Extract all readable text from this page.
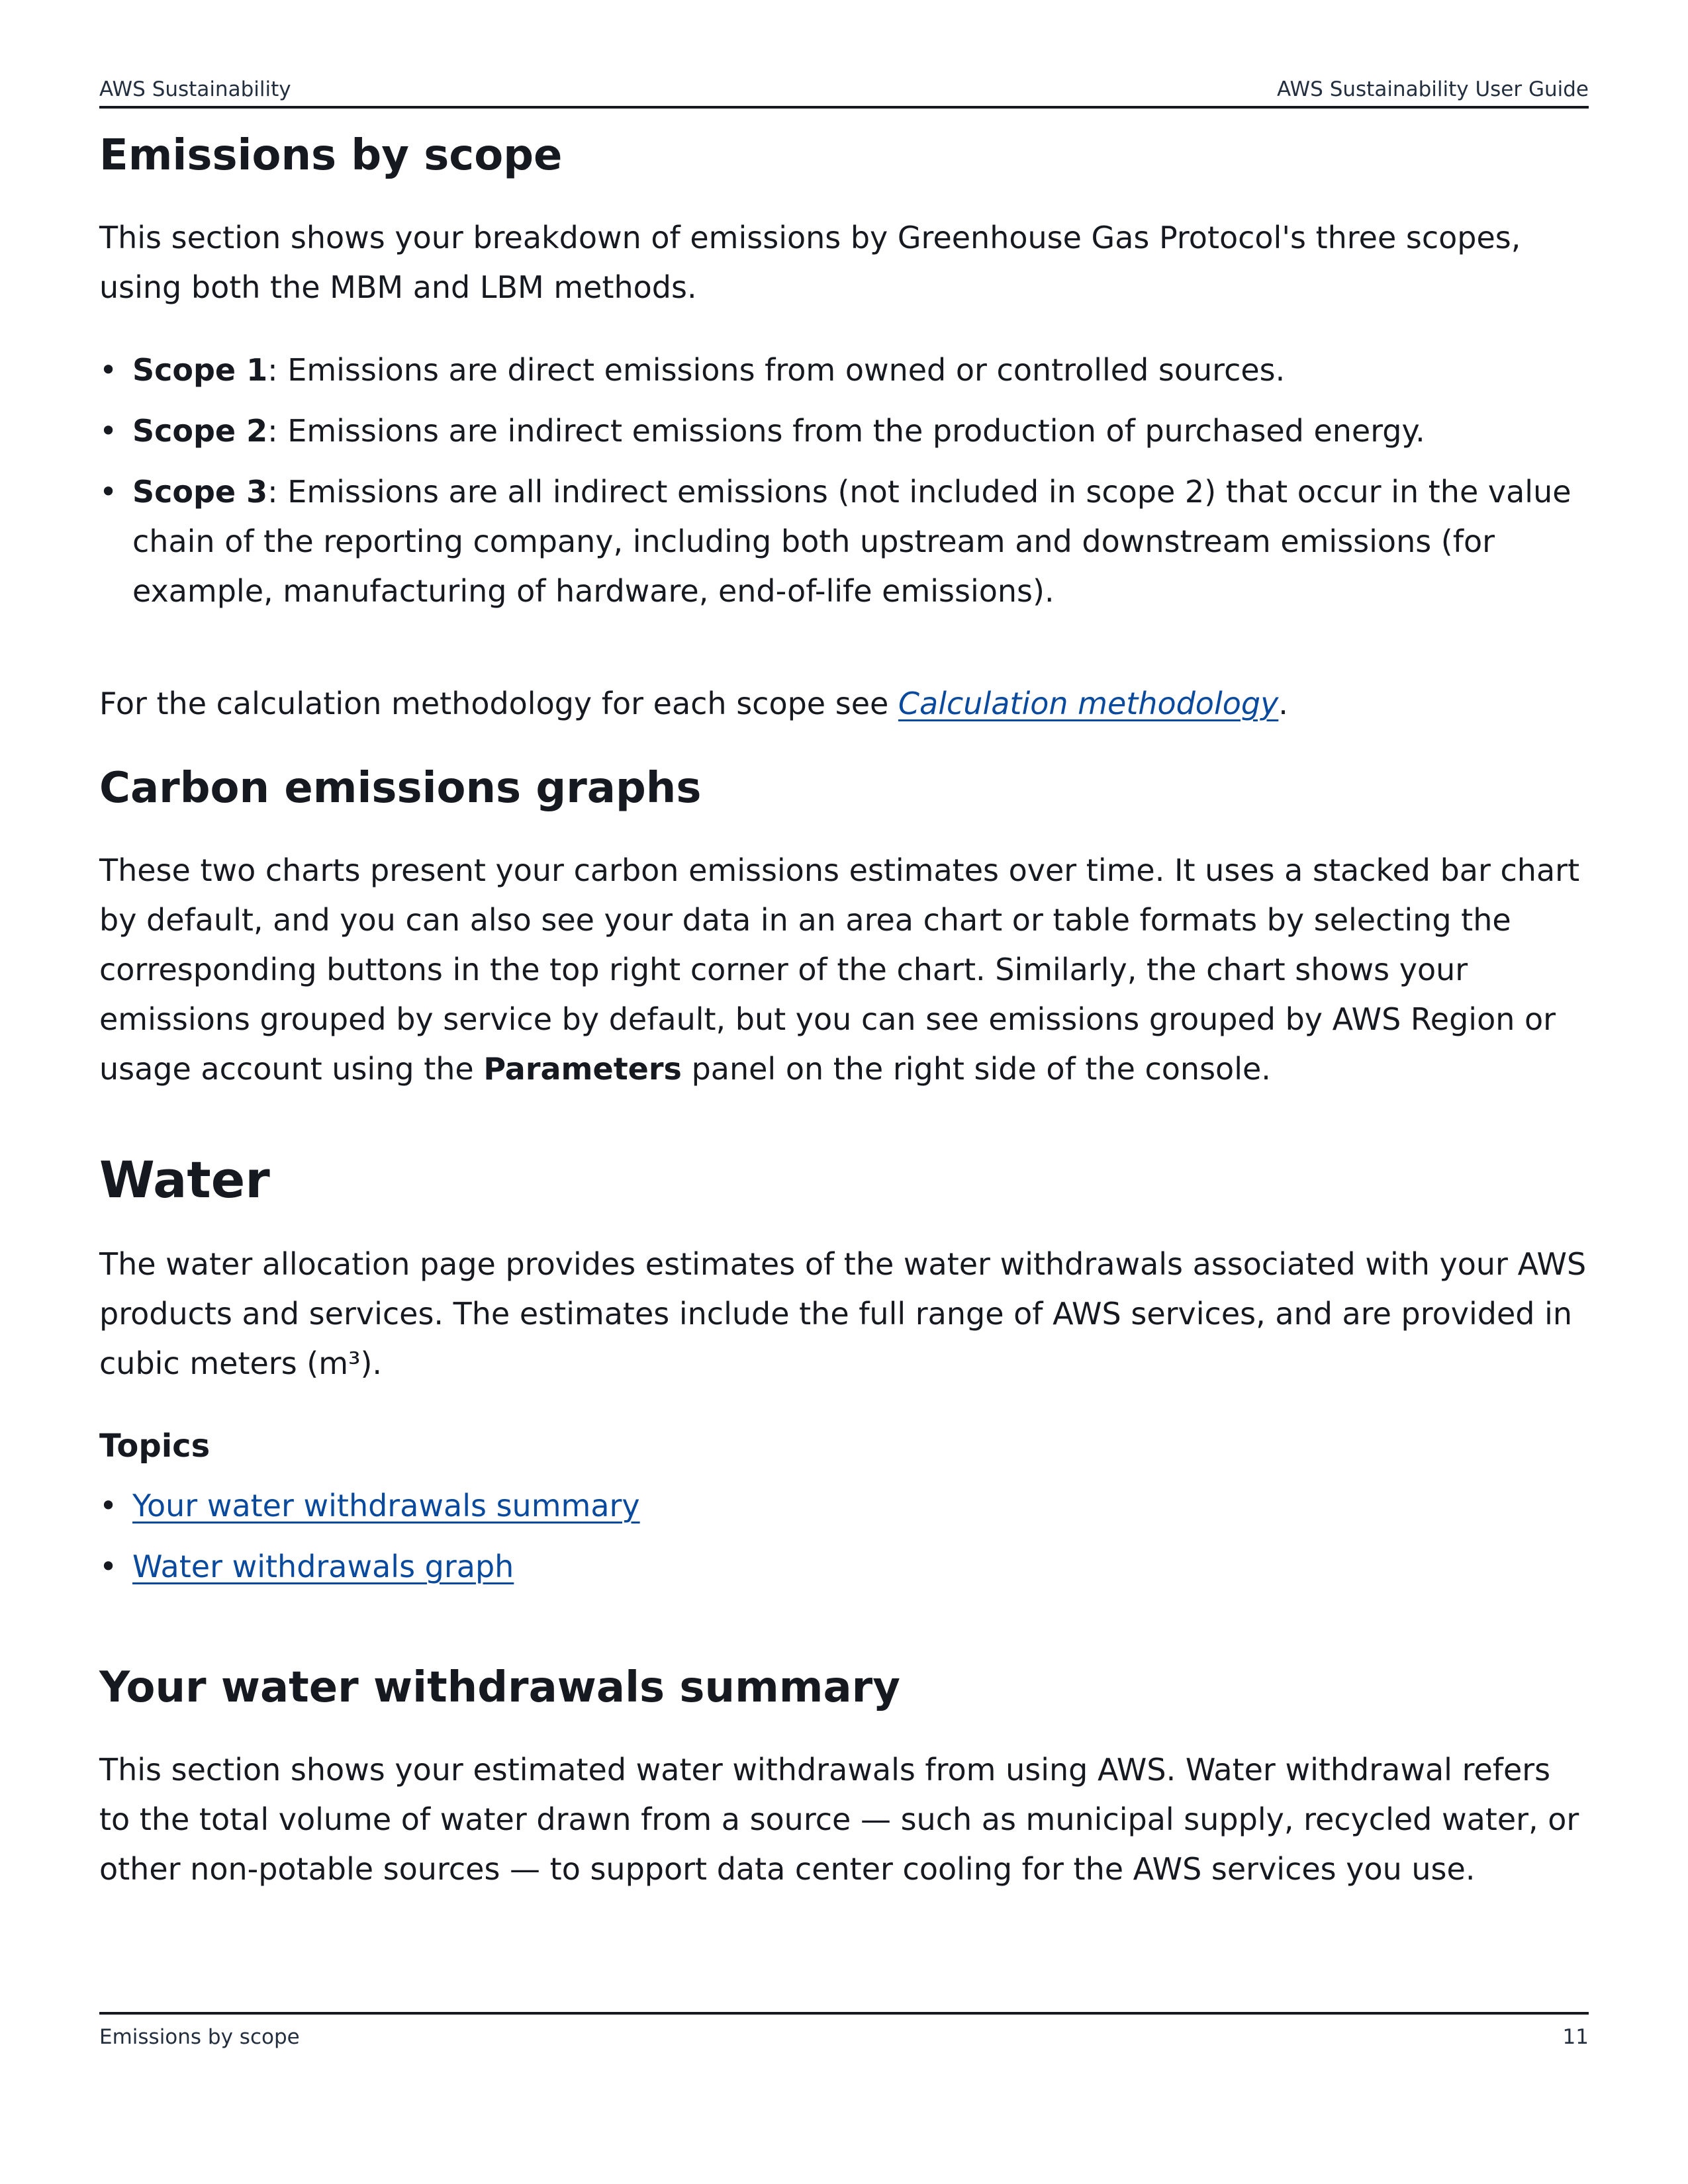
AWS Sustainability	AWS Sustainability User Guide
Emissions by scope

This section shows your breakdown of emissions by Greenhouse Gas Protocol's three scopes, using both the MBM and LBM methods.

• Scope 1: Emissions are direct emissions from owned or controlled sources.
• Scope 2: Emissions are indirect emissions from the production of purchased energy.
• Scope 3: Emissions are all indirect emissions (not included in scope 2) that occur in the value chain of the reporting company, including both upstream and downstream emissions (for example, manufacturing of hardware, end-of-life emissions).

For the calculation methodology for each scope see Calculation methodology.

Carbon emissions graphs

These two charts present your carbon emissions estimates over time. It uses a stacked bar chart by default, and you can also see your data in an area chart or table formats by selecting the corresponding buttons in the top right corner of the chart. Similarly, the chart shows your emissions grouped by service by default, but you can see emissions grouped by AWS Region or usage account using the Parameters panel on the right side of the console.

Water

The water allocation page provides estimates of the water withdrawals associated with your AWS products and services. The estimates include the full range of AWS services, and are provided in cubic meters (m³).

Topics
• Your water withdrawals summary
• Water withdrawals graph
Your water withdrawals summary

This section shows your estimated water withdrawals from using AWS. Water withdrawal refers to the total volume of water drawn from a source — such as municipal supply, recycled water, or other non-potable sources — to support data center cooling for the AWS services you use.

Emissions by scope	11
